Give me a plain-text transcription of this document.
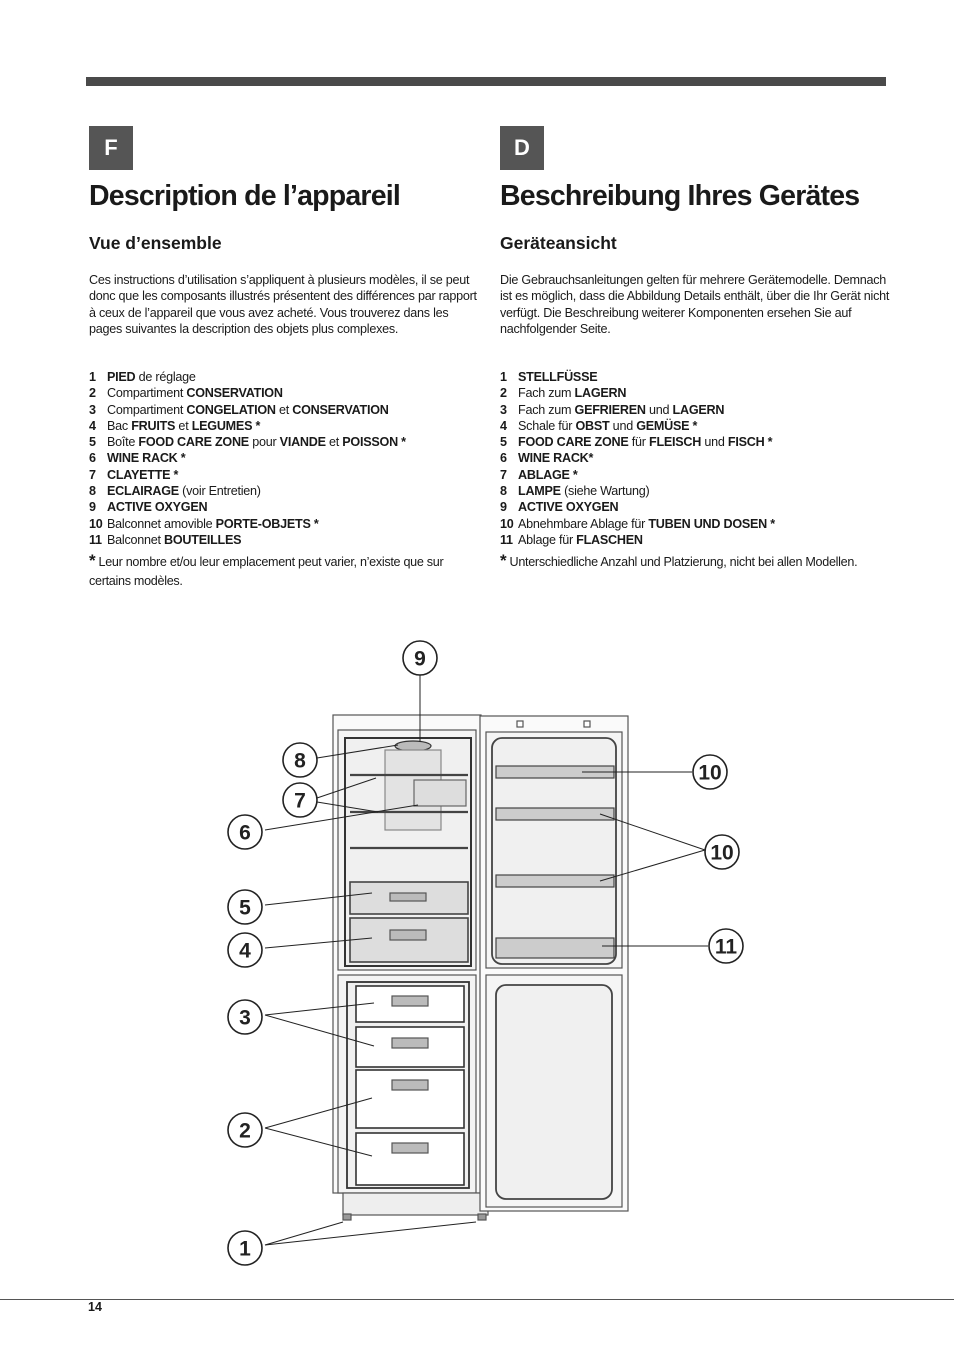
F
Description de l’appareil
Vue d’ensemble

Ces instructions d’utilisation s’appliquent à plusieurs modèles, il se peut donc que les composants illustrés présentent des différences par rapport à ceux de l’appareil que vous avez acheté. Vous trouverez dans les pages suivantes la description des objets plus complexes.

1 PIED de réglage
2 Compartiment CONSERVATION
3 Compartiment CONGELATION et CONSERVATION
4 Bac FRUITS et LEGUMES *
5 Boîte FOOD CARE ZONE pour VIANDE et POISSON *
6 WINE RACK *
7 CLAYETTE *
8 ECLAIRAGE (voir Entretien)
9 ACTIVE OXYGEN
10 Balconnet amovible PORTE-OBJETS *
11 Balconnet BOUTEILLES

* Leur nombre et/ou leur emplacement peut varier, n’existe que sur certains modèles.

D
Beschreibung Ihres Gerätes
Geräteansicht

Die Gebrauchsanleitungen gelten für mehrere Gerätemodelle. Demnach ist es möglich, dass die Abbildung Details enthält, über die Ihr Gerät nicht verfügt. Die Beschreibung weiterer Komponenten ersehen Sie auf nachfolgender Seite.

1 STELLFÜSSE
2 Fach zum LAGERN
3 Fach zum GEFRIEREN und LAGERN
4 Schale für OBST und GEMÜSE *
5 FOOD CARE ZONE für FLEISCH und FISCH *
6 WINE RACK*
7 ABLAGE *
8 LAMPE (siehe Wartung)
9 ACTIVE OXYGEN
10 Abnehmbare Ablage für TUBEN UND DOSEN *
11 Ablage für FLASCHEN

* Unterschiedliche Anzahl und Platzierung, nicht bei allen Modellen.

9
8
7
6
5
4
3
2
1
10
10
11
14
